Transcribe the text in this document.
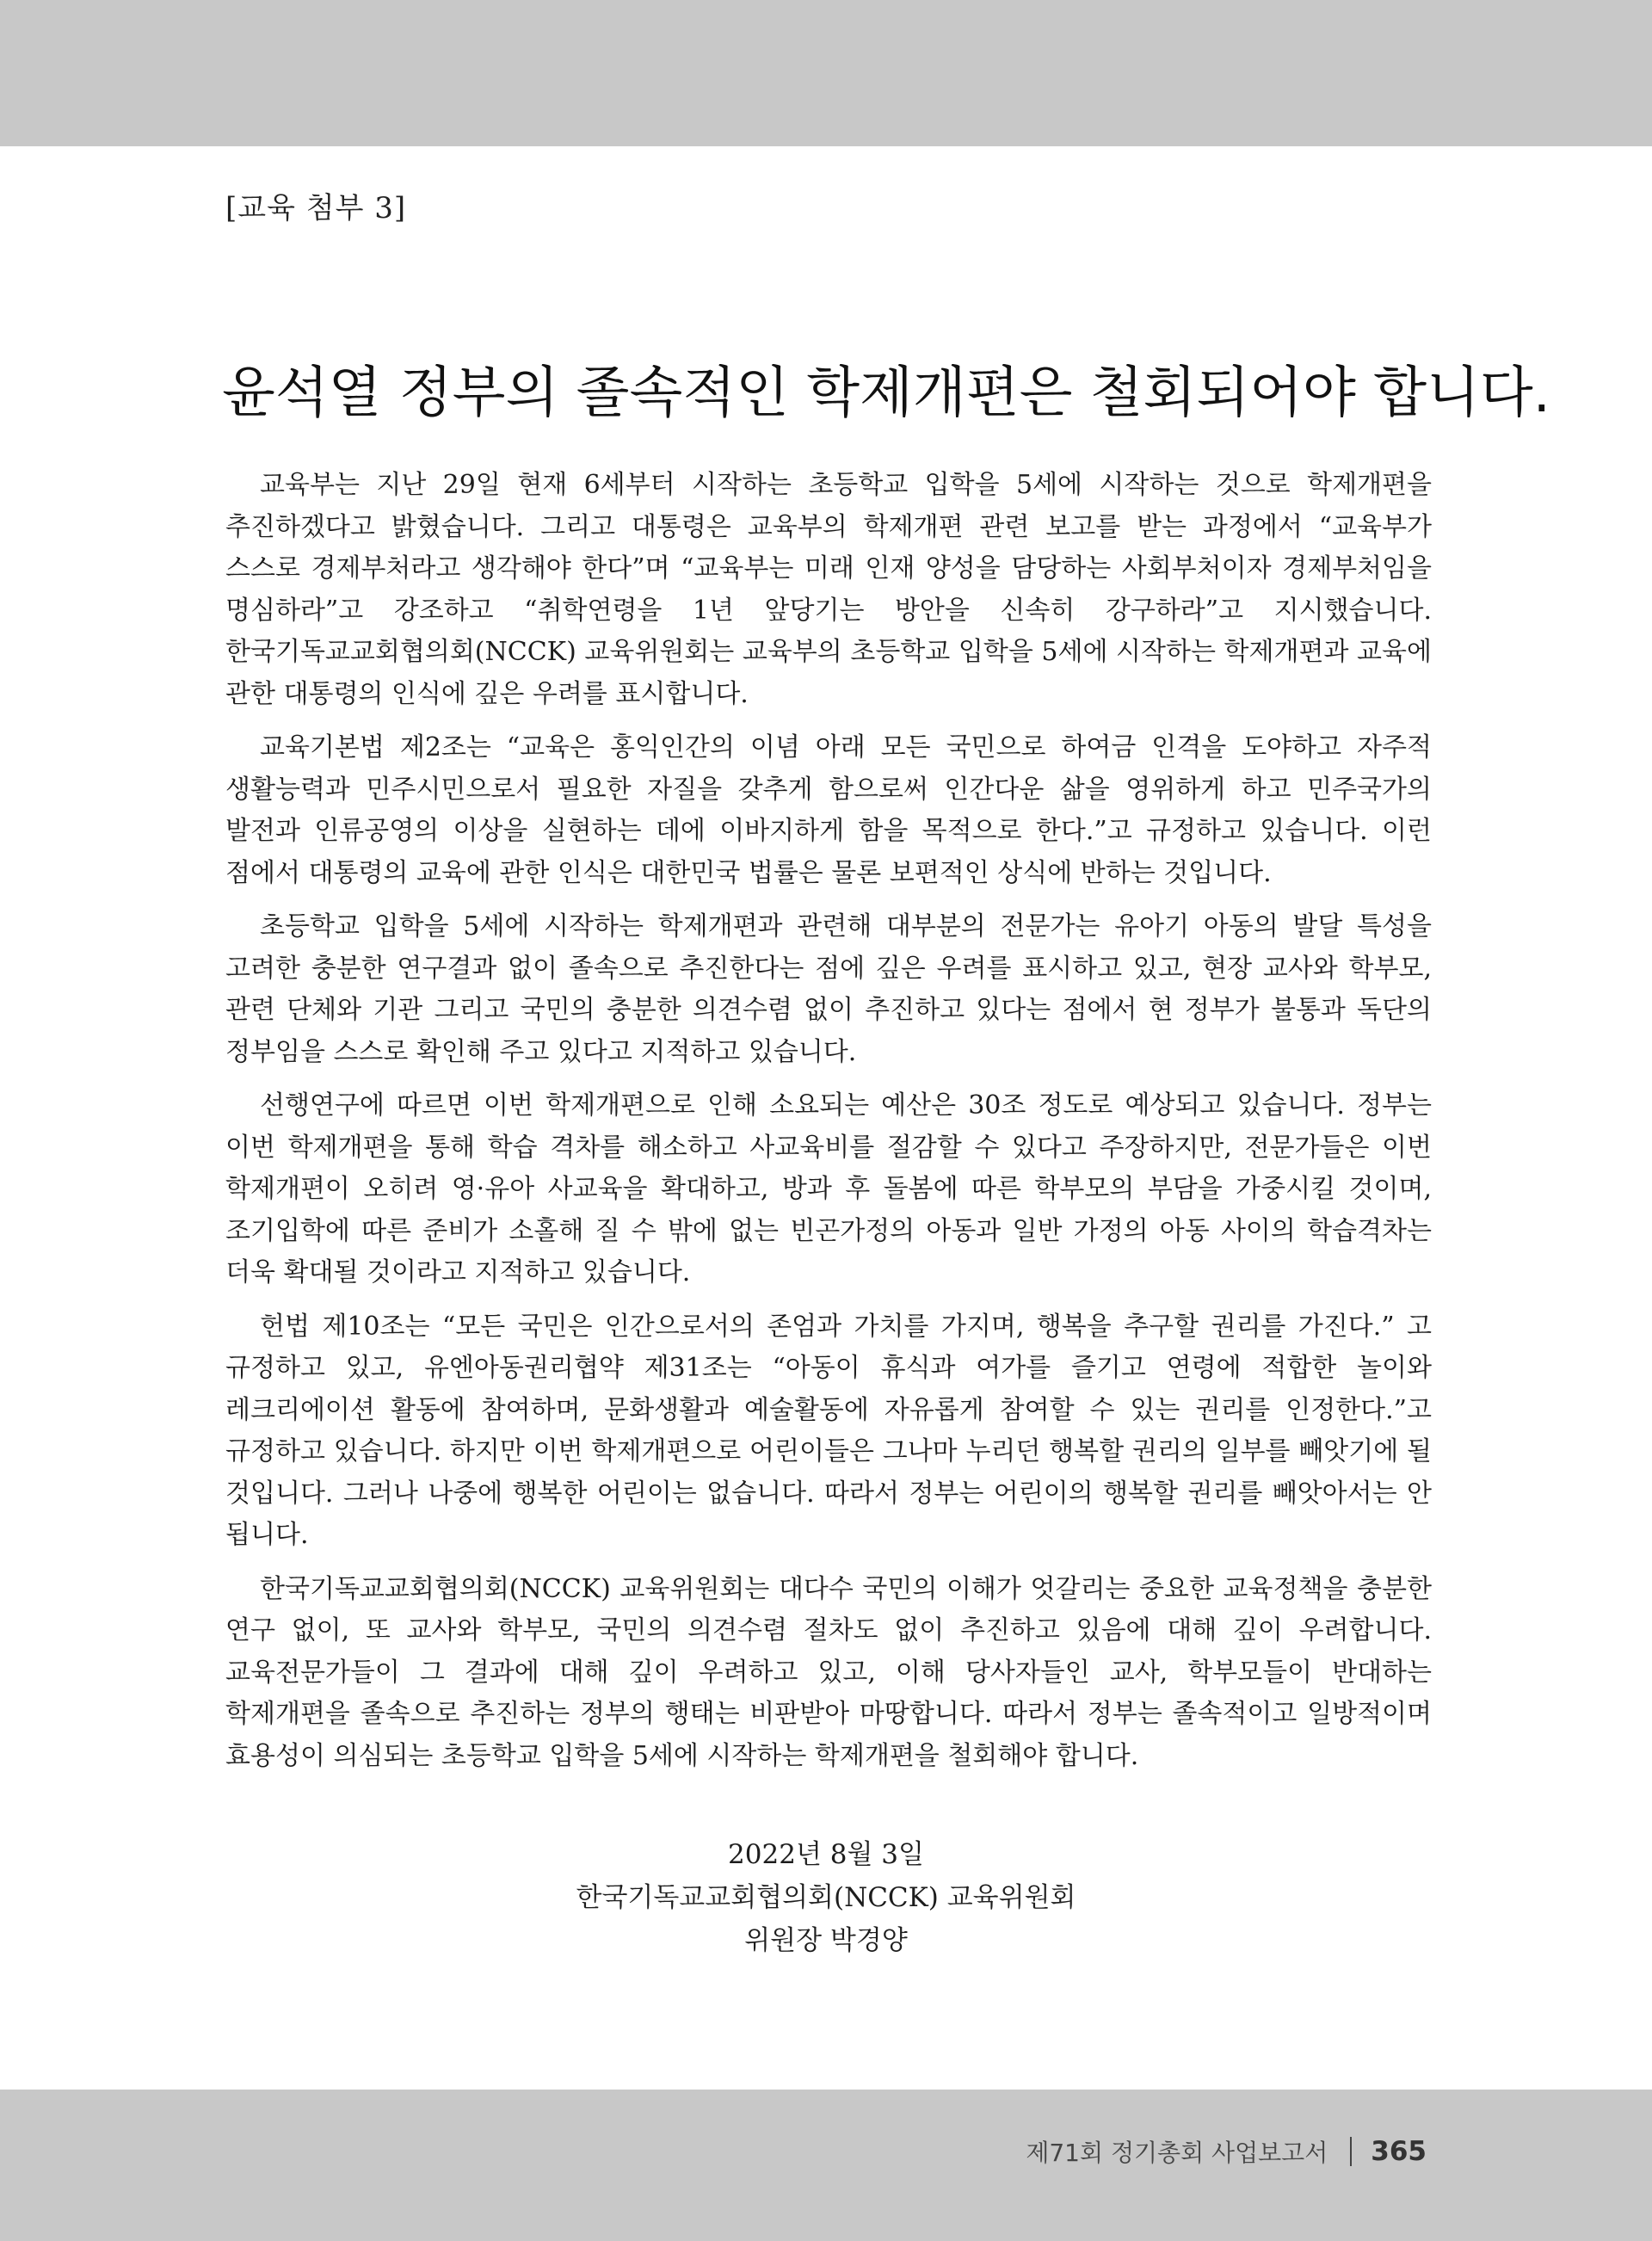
[교육 첨부 3]
윤석열 정부의 졸속적인 학제개편은 철회되어야 합니다.

교육부는 지난 29일 현재 6세부터 시작하는 초등학교 입학을 5세에 시작하는 것으로 학제개편을 추진하겠다고 밝혔습니다. 그리고 대통령은 교육부의 학제개편 관련 보고를 받는 과정에서 “교육부가 스스로 경제부처라고 생각해야 한다”며 “교육부는 미래 인재 양성을 담당하는 사회부처이자 경제부처임을 명심하라”고 강조하고 “취학연령을 1년 앞당기는 방안을 신속히 강구하라”고 지시했습니다. 한국기독교교회협의회(NCCK) 교육위원회는 교육부의 초등학교 입학을 5세에 시작하는 학제개편과 교육에 관한 대통령의 인식에 깊은 우려를 표시합니다.

교육기본법 제2조는 “교육은 홍익인간의 이념 아래 모든 국민으로 하여금 인격을 도야하고 자주적 생활능력과 민주시민으로서 필요한 자질을 갖추게 함으로써 인간다운 삶을 영위하게 하고 민주국가의 발전과 인류공영의 이상을 실현하는 데에 이바지하게 함을 목적으로 한다.”고 규정하고 있습니다. 이런 점에서 대통령의 교육에 관한 인식은 대한민국 법률은 물론 보편적인 상식에 반하는 것입니다.

초등학교 입학을 5세에 시작하는 학제개편과 관련해 대부분의 전문가는 유아기 아동의 발달 특성을 고려한 충분한 연구결과 없이 졸속으로 추진한다는 점에 깊은 우려를 표시하고 있고, 현장 교사와 학부모, 관련 단체와 기관 그리고 국민의 충분한 의견수렴 없이 추진하고 있다는 점에서 현 정부가 불통과 독단의 정부임을 스스로 확인해 주고 있다고 지적하고 있습니다.

선행연구에 따르면 이번 학제개편으로 인해 소요되는 예산은 30조 정도로 예상되고 있습니다. 정부는 이번 학제개편을 통해 학습 격차를 해소하고 사교육비를 절감할 수 있다고 주장하지만, 전문가들은 이번 학제개편이 오히려 영·유아 사교육을 확대하고, 방과 후 돌봄에 따른 학부모의 부담을 가중시킬 것이며, 조기입학에 따른 준비가 소홀해 질 수 밖에 없는 빈곤가정의 아동과 일반 가정의 아동 사이의 학습격차는 더욱 확대될 것이라고 지적하고 있습니다.

헌법 제10조는 “모든 국민은 인간으로서의 존엄과 가치를 가지며, 행복을 추구할 권리를 가진다.” 고 규정하고 있고, 유엔아동권리협약 제31조는 “아동이 휴식과 여가를 즐기고 연령에 적합한 놀이와 레크리에이션 활동에 참여하며, 문화생활과 예술활동에 자유롭게 참여할 수 있는 권리를 인정한다.”고 규정하고 있습니다. 하지만 이번 학제개편으로 어린이들은 그나마 누리던 행복할 권리의 일부를 빼앗기에 될 것입니다. 그러나 나중에 행복한 어린이는 없습니다. 따라서 정부는 어린이의 행복할 권리를 빼앗아서는 안 됩니다.

한국기독교교회협의회(NCCK) 교육위원회는 대다수 국민의 이해가 엇갈리는 중요한 교육정책을 충분한 연구 없이, 또 교사와 학부모, 국민의 의견수렴 절차도 없이 추진하고 있음에 대해 깊이 우려합니다. 교육전문가들이 그 결과에 대해 깊이 우려하고 있고, 이해 당사자들인 교사, 학부모들이 반대하는 학제개편을 졸속으로 추진하는 정부의 행태는 비판받아 마땅합니다. 따라서 정부는 졸속적이고 일방적이며 효용성이 의심되는 초등학교 입학을 5세에 시작하는 학제개편을 철회해야 합니다.

2022년 8월 3일
한국기독교교회협의회(NCCK) 교육위원회
위원장 박경양
제71회 정기총회 사업보고서 365
